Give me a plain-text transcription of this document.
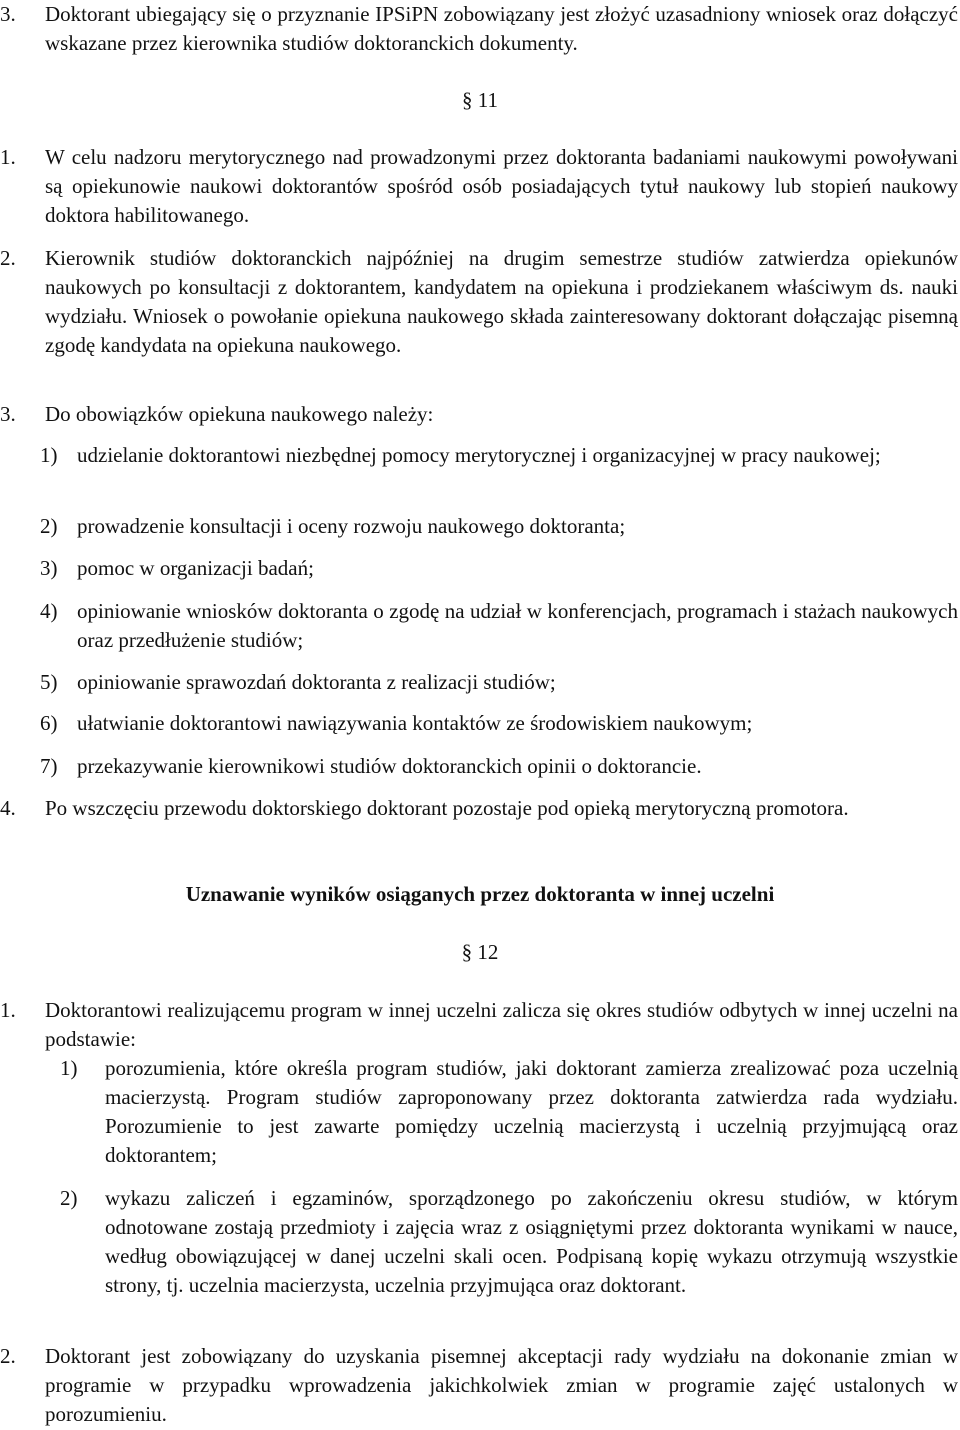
3. Doktorant ubiegający się o przyznanie IPSiPN zobowiązany jest złożyć uzasadniony wniosek oraz dołączyć wskazane przez kierownika studiów doktoranckich dokumenty.
§ 11
1. W celu nadzoru merytorycznego nad prowadzonymi przez doktoranta badaniami naukowymi powoływani są opiekunowie naukowi doktorantów spośród osób posiadających tytuł naukowy lub stopień naukowy doktora habilitowanego.
2. Kierownik studiów doktoranckich najpóźniej na drugim semestrze studiów zatwierdza opiekunów naukowych po konsultacji z doktorantem, kandydatem na opiekuna i prodziekanem właściwym ds. nauki wydziału. Wniosek o powołanie opiekuna naukowego składa zainteresowany doktorant dołączając pisemną zgodę kandydata na opiekuna naukowego.
3. Do obowiązków opiekuna naukowego należy:
1) udzielanie doktorantowi niezbędnej pomocy merytorycznej i organizacyjnej w pracy naukowej;
2) prowadzenie konsultacji i oceny rozwoju naukowego doktoranta;
3) pomoc w organizacji badań;
4) opiniowanie wniosków doktoranta o zgodę na udział w konferencjach, programach i stażach naukowych oraz przedłużenie studiów;
5) opiniowanie sprawozdań doktoranta z realizacji studiów;
6) ułatwianie doktorantowi nawiązywania kontaktów ze środowiskiem naukowym;
7) przekazywanie kierownikowi studiów doktoranckich opinii o doktorancie.
4. Po wszczęciu przewodu doktorskiego doktorant pozostaje pod opieką merytoryczną promotora.
Uznawanie wyników osiąganych przez doktoranta w innej uczelni
§ 12
1. Doktorantowi realizującemu program w innej uczelni zalicza się okres studiów odbytych w innej uczelni na podstawie:
1) porozumienia, które określa program studiów, jaki doktorant zamierza zrealizować poza uczelnią macierzystą. Program studiów zaproponowany przez doktoranta zatwierdza rada wydziału. Porozumienie to jest zawarte pomiędzy uczelnią macierzystą i uczelnią przyjmującą oraz doktorantem;
2) wykazu zaliczeń i egzaminów, sporządzonego po zakończeniu okresu studiów, w którym odnotowane zostają przedmioty i zajęcia wraz z osiągniętymi przez doktoranta wynikami w nauce, według obowiązującej w danej uczelni skali ocen. Podpisaną kopię wykazu otrzymują wszystkie strony, tj. uczelnia macierzysta, uczelnia przyjmująca oraz doktorant.
2. Doktorant jest zobowiązany do uzyskania pisemnej akceptacji rady wydziału na dokonanie zmian w programie w przypadku wprowadzenia jakichkolwiek zmian w programie zajęć ustalonych w porozumieniu.
